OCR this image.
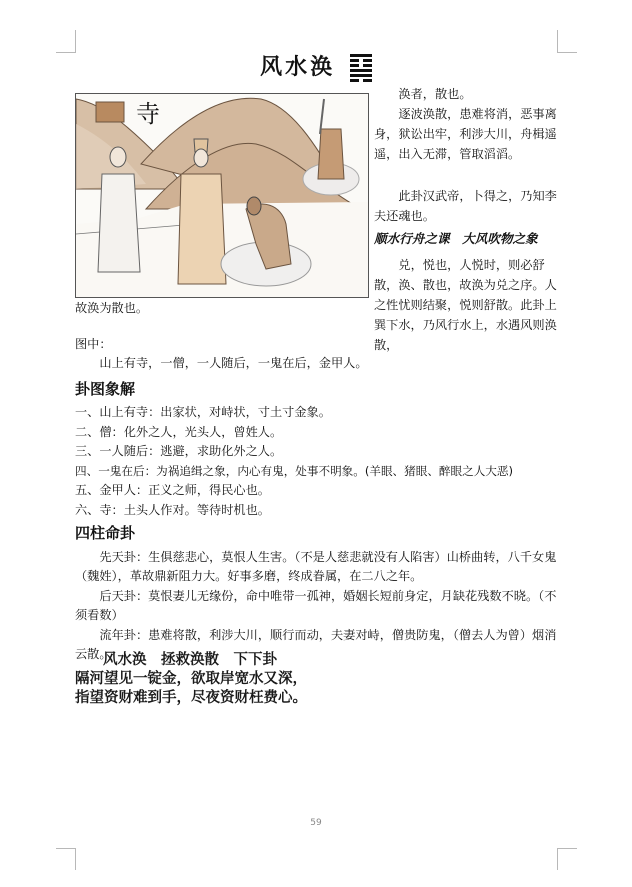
风水涣
寺

涣者，散也。

逐波涣散，患难将消，恶事离身，狱讼出牢，利涉大川，舟楫遥遥，出入无滞，管取滔滔。

此卦汉武帝，卜得之，乃知李夫还魂也。

顺水行舟之课　大风吹物之象

兑，悦也，人悦时，则必舒散，涣、散也，故涣为兑之序。人之性忧则结聚，悦则舒散。此卦上巽下水，乃风行水上，水遇风则涣散，

故涣为散也。

图中：

山上有寺，一僧，一人随后，一鬼在后，金甲人。

卦图象解

一、山上有寺：出家状，对峙状，寸土寸金象。

二、僧：化外之人，光头人，曾姓人。

三、一人随后：逃避，求助化外之人。

四、一鬼在后：为祸追缉之象，内心有鬼，处事不明象。(羊眼、猪眼、醉眼之人大恶)

五、金甲人：正义之师，得民心也。

六、寺：土头人作对。等待时机也。

四柱命卦

先天卦：生俱慈悲心，莫恨人生害。（不是人慈悲就没有人陷害）山桥曲转，八千女鬼（魏姓），革故鼎新阻力大。好事多磨，终成眷属，在二八之年。

后天卦：莫恨妻儿无缘份，命中唯带一孤神，婚姻长短前身定，月缺花残数不晓。（不须看数）

流年卦：患难将散，利涉大川，顺行而动，夫妻对峙，僧贵防鬼，（僧去人为曾）烟消云散。

风水涣　拯救涣散　下下卦
隔河望见一锭金，欲取岸宽水又深，
指望资财难到手，尽夜资财枉费心。
59
